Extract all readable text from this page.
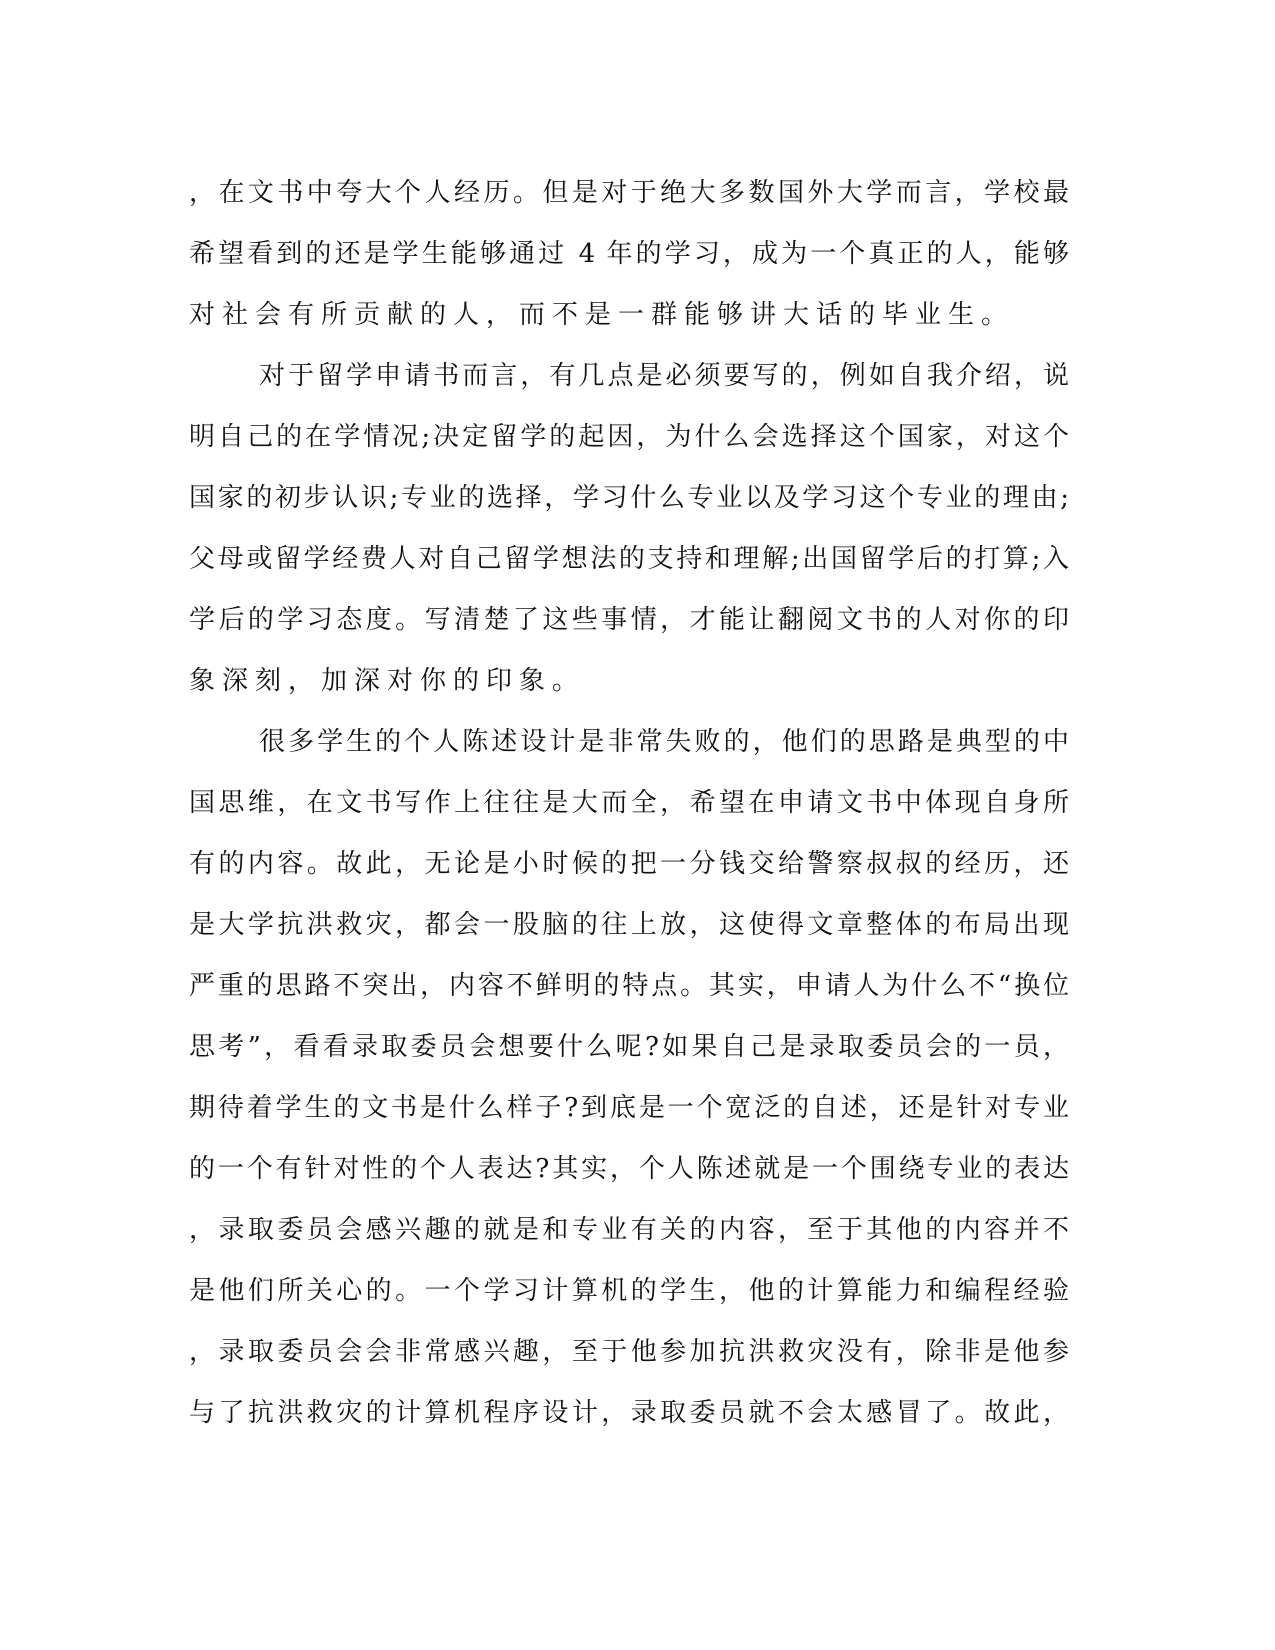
，在文书中夸大个人经历。但是对于绝大多数国外大学而言，学校最
希望看到的还是学生能够通过 4 年的学习，成为一个真正的人，能够
对社会有所贡献的人，而不是一群能够讲大话的毕业生。
对于留学申请书而言，有几点是必须要写的，例如自我介绍，说
明自己的在学情况;决定留学的起因，为什么会选择这个国家，对这个
国家的初步认识;专业的选择，学习什么专业以及学习这个专业的理由;
父母或留学经费人对自己留学想法的支持和理解;出国留学后的打算;入
学后的学习态度。写清楚了这些事情，才能让翻阅文书的人对你的印
象深刻，加深对你的印象。
很多学生的个人陈述设计是非常失败的，他们的思路是典型的中
国思维，在文书写作上往往是大而全，希望在申请文书中体现自身所
有的内容。故此，无论是小时候的把一分钱交给警察叔叔的经历，还
是大学抗洪救灾，都会一股脑的往上放，这使得文章整体的布局出现
严重的思路不突出，内容不鲜明的特点。其实，申请人为什么不“换位
思考”，看看录取委员会想要什么呢?如果自己是录取委员会的一员，
期待着学生的文书是什么样子?到底是一个宽泛的自述，还是针对专业
的一个有针对性的个人表达?其实，个人陈述就是一个围绕专业的表达
，录取委员会感兴趣的就是和专业有关的内容，至于其他的内容并不
是他们所关心的。一个学习计算机的学生，他的计算能力和编程经验
，录取委员会会非常感兴趣，至于他参加抗洪救灾没有，除非是他参
与了抗洪救灾的计算机程序设计，录取委员就不会太感冒了。故此，
